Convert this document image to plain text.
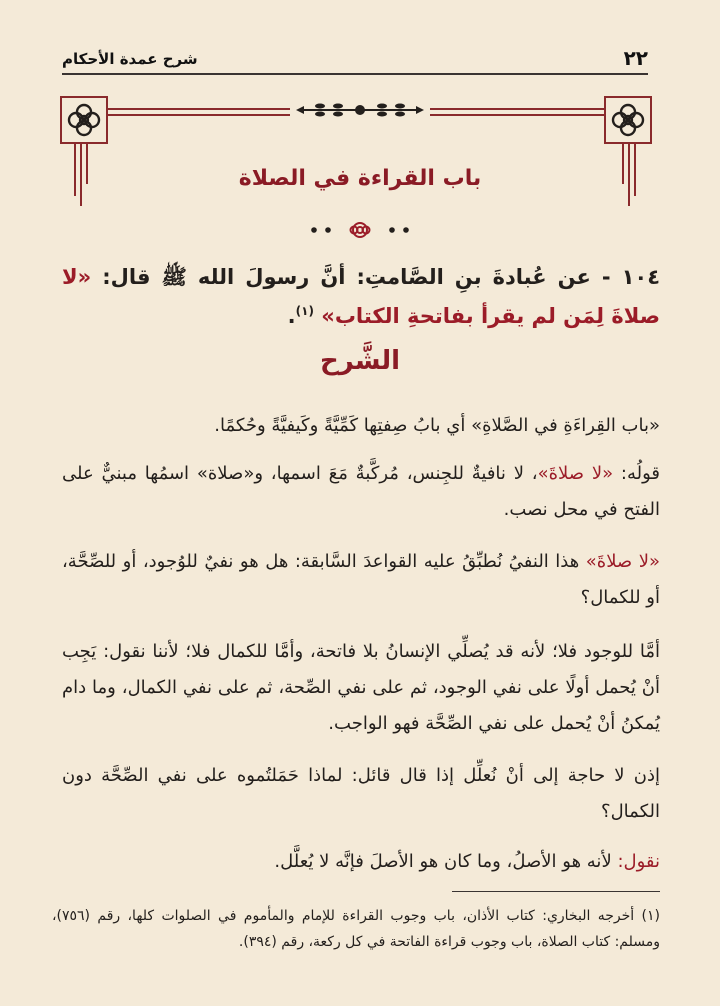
٢٢
شرح عمدة الأحكام
باب القراءة في الصلاة
١٠٤ - عن عُبادةَ بنِ الصَّامتِ: أنَّ رسولَ الله ﷺ قال: «لا صلاةَ لِمَن لم يقرأ بفاتحةِ الكتاب» $^{(١)}$.
الشَّرح
«باب القِراءَةِ في الصَّلاةِ» أي بابُ صِفتِها كَمِّيَّةً وكَيفيَّةً وحُكمًا.
قولُه: «لا صلاةَ»، لا نافيةٌ للجِنس، مُركَّبةٌ مَعَ اسمها، و«صلاة» اسمُها مبنيٌّ على الفتح في محل نصب.
«لا صلاةَ» هذا النفيُ نُطبِّقُ عليه القواعدَ السَّابقة: هل هو نفيٌ للوُجود، أو للصِّحَّة، أو للكمال؟
أمَّا للوجود فلا؛ لأنه قد يُصلِّي الإنسانُ بلا فاتحة، وأمَّا للكمال فلا؛ لأننا نقول: يَجِب أنْ يُحمل أولًا على نفي الوجود، ثم على نفي الصِّحة، ثم على نفي الكمال، وما دام يُمكنُ أنْ يُحمل على نفي الصِّحَّة فهو الواجب.
إذن لا حاجة إلى أنْ نُعلِّل إذا قال قائل: لماذا حَمَلتُموه على نفي الصِّحَّة دون الكمال؟
نقول: لأنه هو الأصلُ، وما كان هو الأصلَ فإنَّه لا يُعلَّل.
(١) أخرجه البخاري: كتاب الأذان، باب وجوب القراءة للإمام والمأموم في الصلوات كلها، رقم (٧٥٦)، ومسلم: كتاب الصلاة، باب وجوب قراءة الفاتحة في كل ركعة، رقم (٣٩٤).
